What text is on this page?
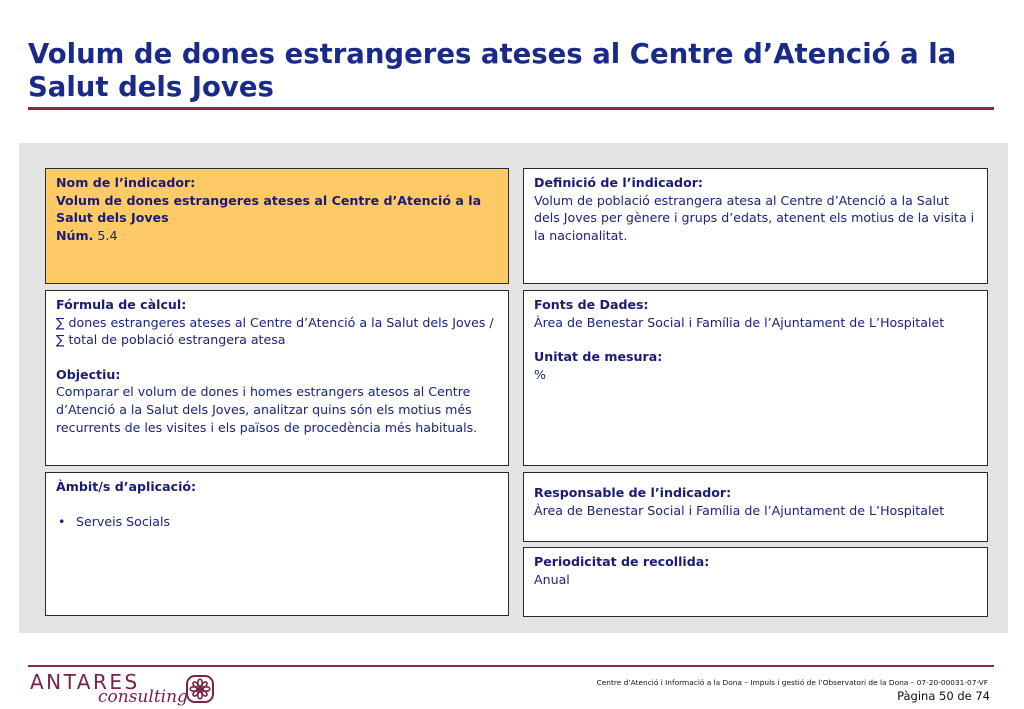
Volum de dones estrangeres ateses al Centre d’Atenció a la Salut dels Joves

Nom de l’indicador:

Volum de dones estrangeres ateses al Centre d’Atenció a la Salut dels Joves

Núm. 5.4

Definició de l’indicador:

Volum de població estrangera atesa al Centre d’Atenció a la Salut dels Joves per gènere i grups d’edats, atenent els motius de la visita i la nacionalitat.

Fórmula de càlcul:

∑ dones estrangeres ateses al Centre d’Atenció a la Salut dels Joves / ∑ total de població estrangera atesa

Objectiu:

Comparar el volum de dones i homes estrangers atesos al Centre d’Atenció a la Salut dels Joves, analitzar quins són els motius més recurrents de les visites i els països de procedència més habituals.

Fonts de Dades:

Àrea de Benestar Social i Família de l’Ajuntament de L’Hospitalet

Unitat de mesura:

%

Àmbit/s d’aplicació:

• Serveis Socials

Responsable de l’indicador:

Àrea de Benestar Social i Família de l’Ajuntament de L’Hospitalet

Periodicitat de recollida:

Anual

ANTARES
consulting
Centre d’Atenció i Informació a la Dona – Impuls i gestió de l’Observatori de la Dona – 07-20-00031-07-VF
Pàgina 50 de 74
